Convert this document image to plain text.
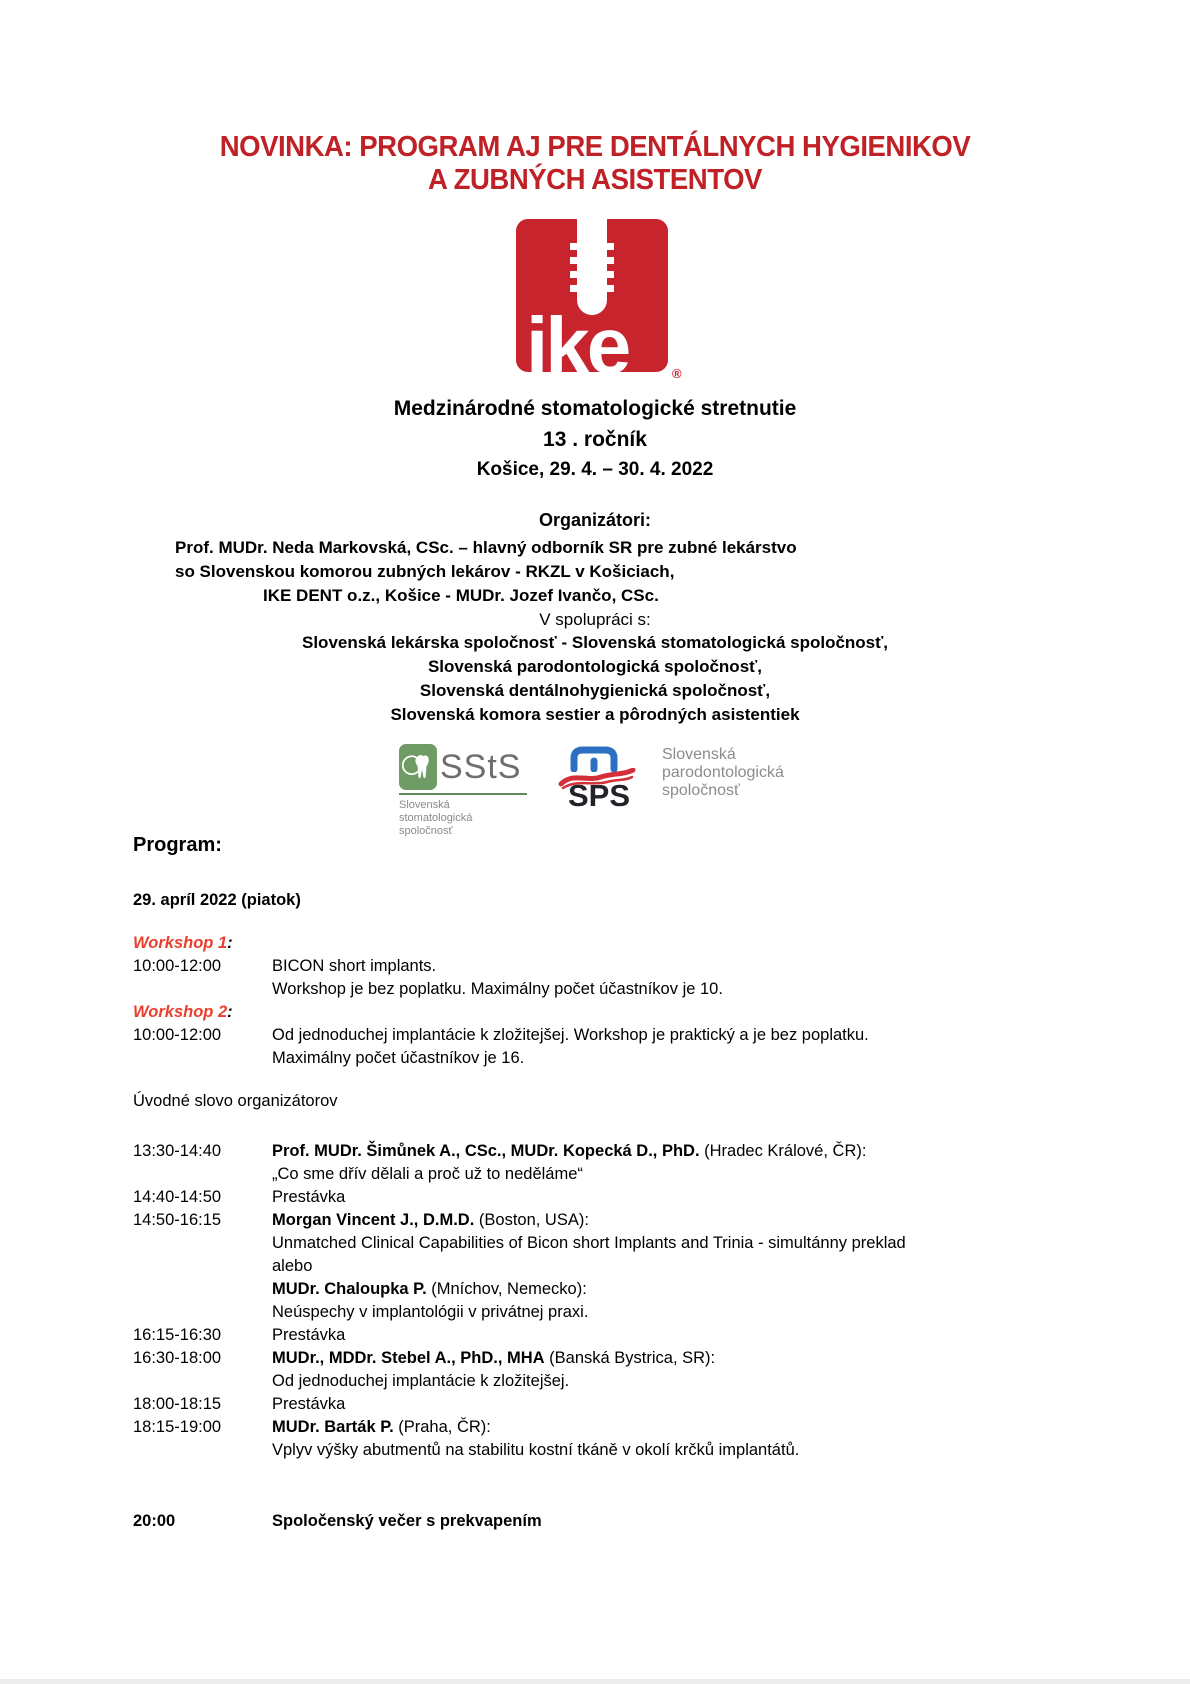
NOVINKA: PROGRAM AJ PRE DENTÁLNYCH HYGIENIKOV
A ZUBNÝCH ASISTENTOV
ike	®
Medzinárodné stomatologické stretnutie
13 . ročník
Košice, 29. 4. – 30. 4. 2022
Organizátori:
Prof. MUDr. Neda Markovská, CSc. – hlavný odborník SR pre zubné lekárstvo
so Slovenskou komorou zubných lekárov - RKZL v Košiciach,
IKE DENT o.z., Košice - MUDr. Jozef Ivančo, CSc.
V spolupráci s:
Slovenská lekárska spoločnosť - Slovenská stomatologická spoločnosť,
Slovenská parodontologická spoločnosť,
Slovenská dentálnohygienická spoločnosť,
Slovenská komora sestier a pôrodných asistentiek
SStS
Slovenská
stomatologická
spoločnosť
SPS
Slovenská
parodontologická
spoločnosť
Program:
29. apríl 2022 (piatok)
Workshop 1:
10:00-12:00	BICON short implants.
Workshop je bez poplatku. Maximálny počet účastníkov je 10.
Workshop 2:
10:00-12:00	Od jednoduchej implantácie k zložitejšej. Workshop je praktický a je bez poplatku.
Maximálny počet účastníkov je 16.
Úvodné slovo organizátorov
13:30-14:40	Prof. MUDr. Šimůnek A., CSc., MUDr. Kopecká D., PhD. (Hradec Králové, ČR):
„Co sme dřív dělali a proč už to neděláme“
14:40-14:50	Prestávka
14:50-16:15	Morgan Vincent J., D.M.D. (Boston, USA):
Unmatched Clinical Capabilities of Bicon short Implants and Trinia - simultánny preklad
alebo
MUDr. Chaloupka P. (Mníchov, Nemecko):
Neúspechy v implantológii v privátnej praxi.
16:15-16:30	Prestávka
16:30-18:00	MUDr., MDDr. Stebel A., PhD., MHA (Banská Bystrica, SR):
Od jednoduchej implantácie k zložitejšej.
18:00-18:15	Prestávka
18:15-19:00	MUDr. Barták P. (Praha, ČR):
Vplyv výšky abutmentů na stabilitu kostní tkáně v okolí krčků implantátů.
20:00	Spoločenský večer s prekvapením
